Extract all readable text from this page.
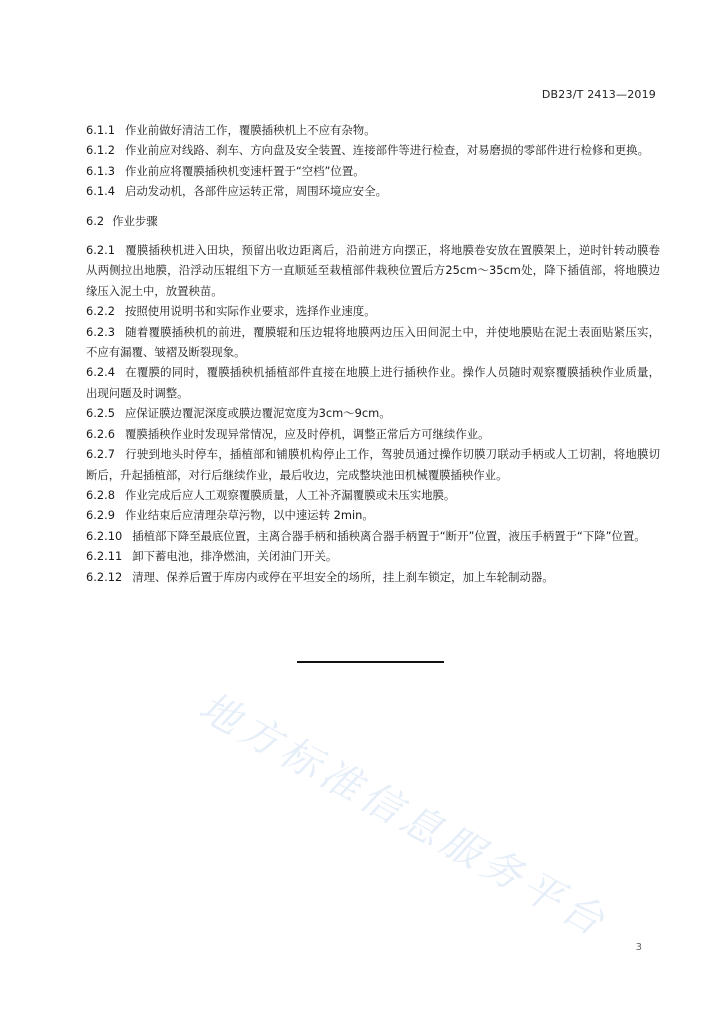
DB23/T 2413—2019

6.1.1 作业前做好清洁工作，覆膜插秧机上不应有杂物。

6.1.2 作业前应对线路、刹车、方向盘及安全装置、连接部件等进行检查，对易磨损的零部件进行检修和更换。

6.1.3 作业前应将覆膜插秧机变速杆置于“空档”位置。

6.1.4 启动发动机，各部件应运转正常，周围环境应安全。

6.2 作业步骤

6.2.1 覆膜插秧机进入田块，预留出收边距离后，沿前进方向摆正，将地膜卷安放在置膜架上，逆时针转动膜卷从两侧拉出地膜，沿浮动压辊组下方一直顺延至栽植部件栽秧位置后方25cm～35cm处，降下插值部，将地膜边缘压入泥土中，放置秧苗。

6.2.2 按照使用说明书和实际作业要求，选择作业速度。

6.2.3 随着覆膜插秧机的前进，覆膜辊和压边辊将地膜两边压入田间泥土中，并使地膜贴在泥土表面贴紧压实，不应有漏覆、皱褶及断裂现象。

6.2.4 在覆膜的同时，覆膜插秧机插植部件直接在地膜上进行插秧作业。操作人员随时观察覆膜插秧作业质量，出现问题及时调整。

6.2.5 应保证膜边覆泥深度或膜边覆泥宽度为3cm～9cm。

6.2.6 覆膜插秧作业时发现异常情况，应及时停机，调整正常后方可继续作业。

6.2.7 行驶到地头时停车，插植部和铺膜机构停止工作，驾驶员通过操作切膜刀联动手柄或人工切割，将地膜切断后，升起插植部，对行后继续作业，最后收边，完成整块池田机械覆膜插秧作业。

6.2.8 作业完成后应人工观察覆膜质量，人工补齐漏覆膜或未压实地膜。

6.2.9 作业结束后应清理杂草污物，以中速运转 2min。

6.2.10 插植部下降至最底位置，主离合器手柄和插秧离合器手柄置于“断开”位置，液压手柄置于“下降”位置。

6.2.11 卸下蓄电池，排净燃油，关闭油门开关。

6.2.12 清理、保养后置于库房内或停在平坦安全的场所，挂上刹车锁定，加上车轮制动器。

地方标准信息服务平台
3
